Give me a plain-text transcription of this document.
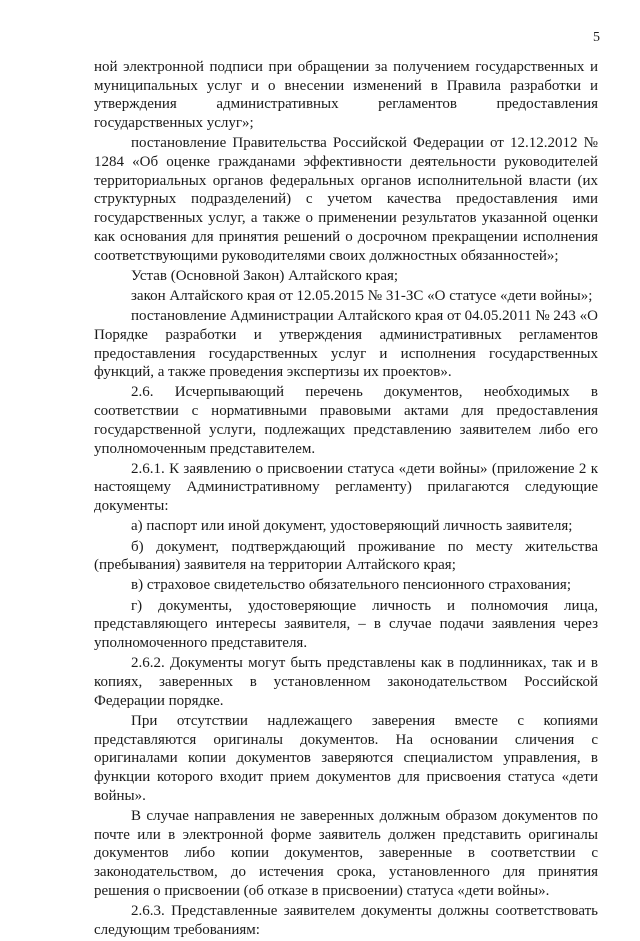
5

ной электронной подписи при обращении за получением государственных и муниципальных услуг и о внесении изменений в Правила разработки и утверждения административных регламентов предоставления государственных услуг»;

постановление Правительства Российской Федерации от 12.12.2012 № 1284 «Об оценке гражданами эффективности деятельности руководителей территориальных органов федеральных органов исполнительной власти (их структурных подразделений) с учетом качества предоставления ими государственных услуг, а также о применении результатов указанной оценки как основания для принятия решений о досрочном прекращении исполнения соответствующими руководителями своих должностных обязанностей»;

Устав (Основной Закон) Алтайского края;

закон Алтайского края от 12.05.2015 № 31-ЗС «О статусе «дети войны»;

постановление Администрации Алтайского края от 04.05.2011 № 243 «О Порядке разработки и утверждения административных регламентов предоставления государственных услуг и исполнения государственных функций, а также проведения экспертизы их проектов».

2.6. Исчерпывающий перечень документов, необходимых в соответствии с нормативными правовыми актами для предоставления государственной услуги, подлежащих представлению заявителем либо его уполномоченным представителем.

2.6.1. К заявлению о присвоении статуса «дети войны» (приложение 2 к настоящему Административному регламенту) прилагаются следующие документы:

а) паспорт или иной документ, удостоверяющий личность заявителя;

б) документ, подтверждающий проживание по месту жительства (пребывания) заявителя на территории Алтайского края;

в) страховое свидетельство обязательного пенсионного страхования;

г) документы, удостоверяющие личность и полномочия лица, представляющего интересы заявителя, – в случае подачи заявления через уполномоченного представителя.

2.6.2. Документы могут быть представлены как в подлинниках, так и в копиях, заверенных в установленном законодательством Российской Федерации порядке.

При отсутствии надлежащего заверения вместе с копиями представляются оригиналы документов. На основании сличения с оригиналами копии документов заверяются специалистом управления, в функции которого входит прием документов для присвоения статуса «дети войны».

В случае направления не заверенных должным образом документов по почте или в электронной форме заявитель должен представить оригиналы документов либо копии документов, заверенные в соответствии с законодательством, до истечения срока, установленного для принятия решения о присвоении (об отказе в присвоении) статуса «дети войны».

2.6.3. Представленные заявителем документы должны соответствовать следующим требованиям:
